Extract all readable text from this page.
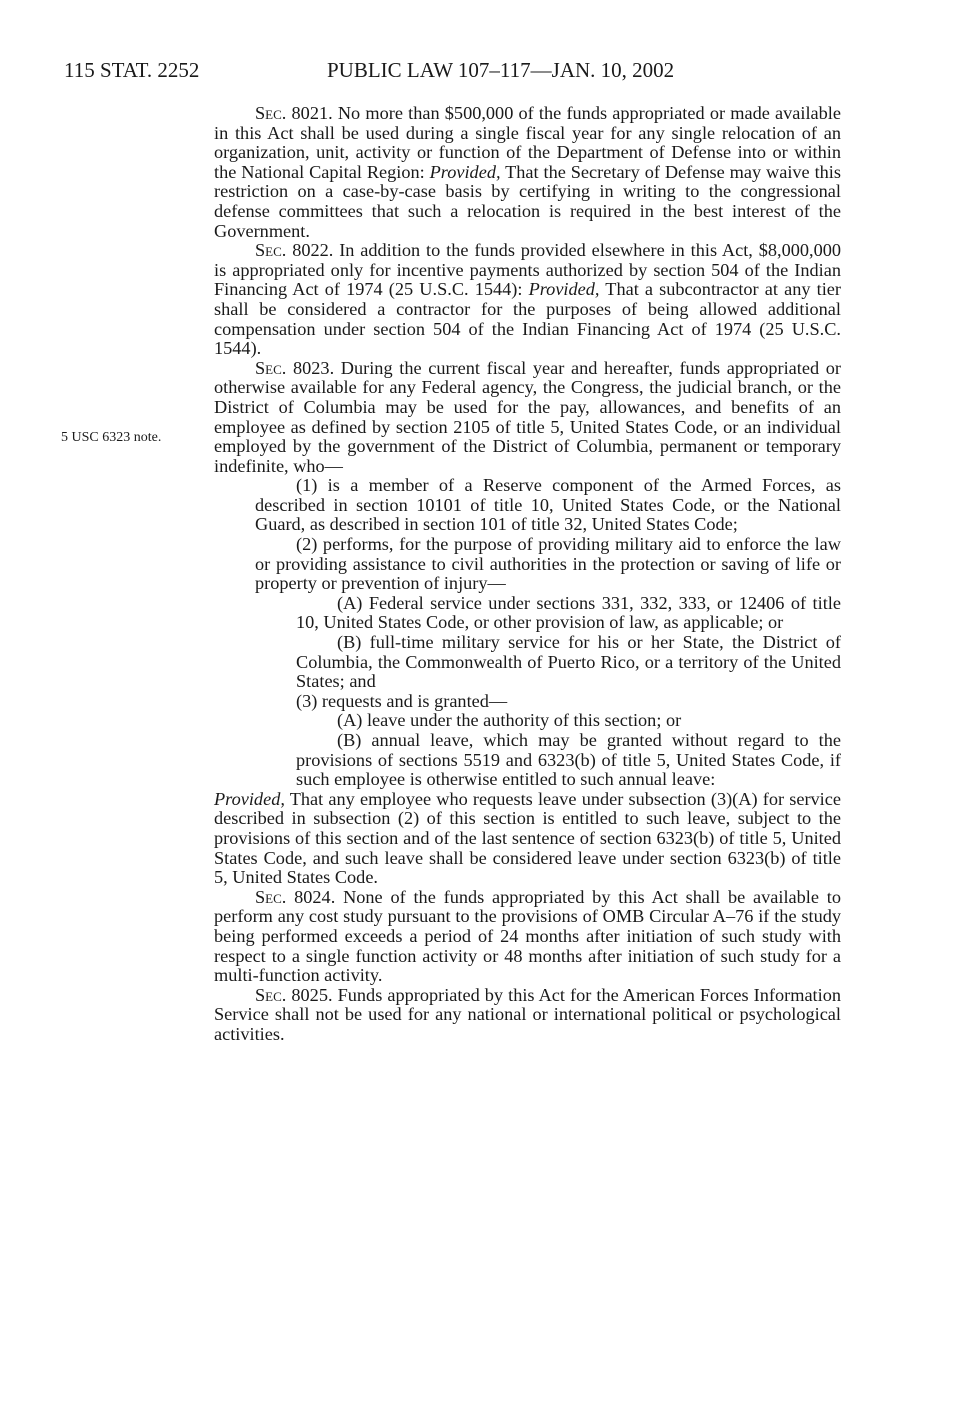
115 STAT. 2252	PUBLIC LAW 107–117—JAN. 10, 2002
5 USC 6323 note.

Sec. 8021. No more than $500,000 of the funds appropriated or made available in this Act shall be used during a single fiscal year for any single relocation of an organization, unit, activity or function of the Department of Defense into or within the National Capital Region: Provided, That the Secretary of Defense may waive this restriction on a case-by-case basis by certifying in writing to the congressional defense committees that such a relocation is required in the best interest of the Government.

Sec. 8022. In addition to the funds provided elsewhere in this Act, $8,000,000 is appropriated only for incentive payments authorized by section 504 of the Indian Financing Act of 1974 (25 U.S.C. 1544): Provided, That a subcontractor at any tier shall be considered a contractor for the purposes of being allowed additional compensation under section 504 of the Indian Financing Act of 1974 (25 U.S.C. 1544).

Sec. 8023. During the current fiscal year and hereafter, funds appropriated or otherwise available for any Federal agency, the Congress, the judicial branch, or the District of Columbia may be used for the pay, allowances, and benefits of an employee as defined by section 2105 of title 5, United States Code, or an individual employed by the government of the District of Columbia, permanent or temporary indefinite, who—

(1) is a member of a Reserve component of the Armed Forces, as described in section 10101 of title 10, United States Code, or the National Guard, as described in section 101 of title 32, United States Code;

(2) performs, for the purpose of providing military aid to enforce the law or providing assistance to civil authorities in the protection or saving of life or property or prevention of injury—

(A) Federal service under sections 331, 332, 333, or 12406 of title 10, United States Code, or other provision of law, as applicable; or

(B) full-time military service for his or her State, the District of Columbia, the Commonwealth of Puerto Rico, or a territory of the United States; and

(3) requests and is granted—

(A) leave under the authority of this section; or

(B) annual leave, which may be granted without regard to the provisions of sections 5519 and 6323(b) of title 5, United States Code, if such employee is otherwise entitled to such annual leave:

Provided, That any employee who requests leave under subsection (3)(A) for service described in subsection (2) of this section is entitled to such leave, subject to the provisions of this section and of the last sentence of section 6323(b) of title 5, United States Code, and such leave shall be considered leave under section 6323(b) of title 5, United States Code.

Sec. 8024. None of the funds appropriated by this Act shall be available to perform any cost study pursuant to the provisions of OMB Circular A–76 if the study being performed exceeds a period of 24 months after initiation of such study with respect to a single function activity or 48 months after initiation of such study for a multi-function activity.

Sec. 8025. Funds appropriated by this Act for the American Forces Information Service shall not be used for any national or international political or psychological activities.
